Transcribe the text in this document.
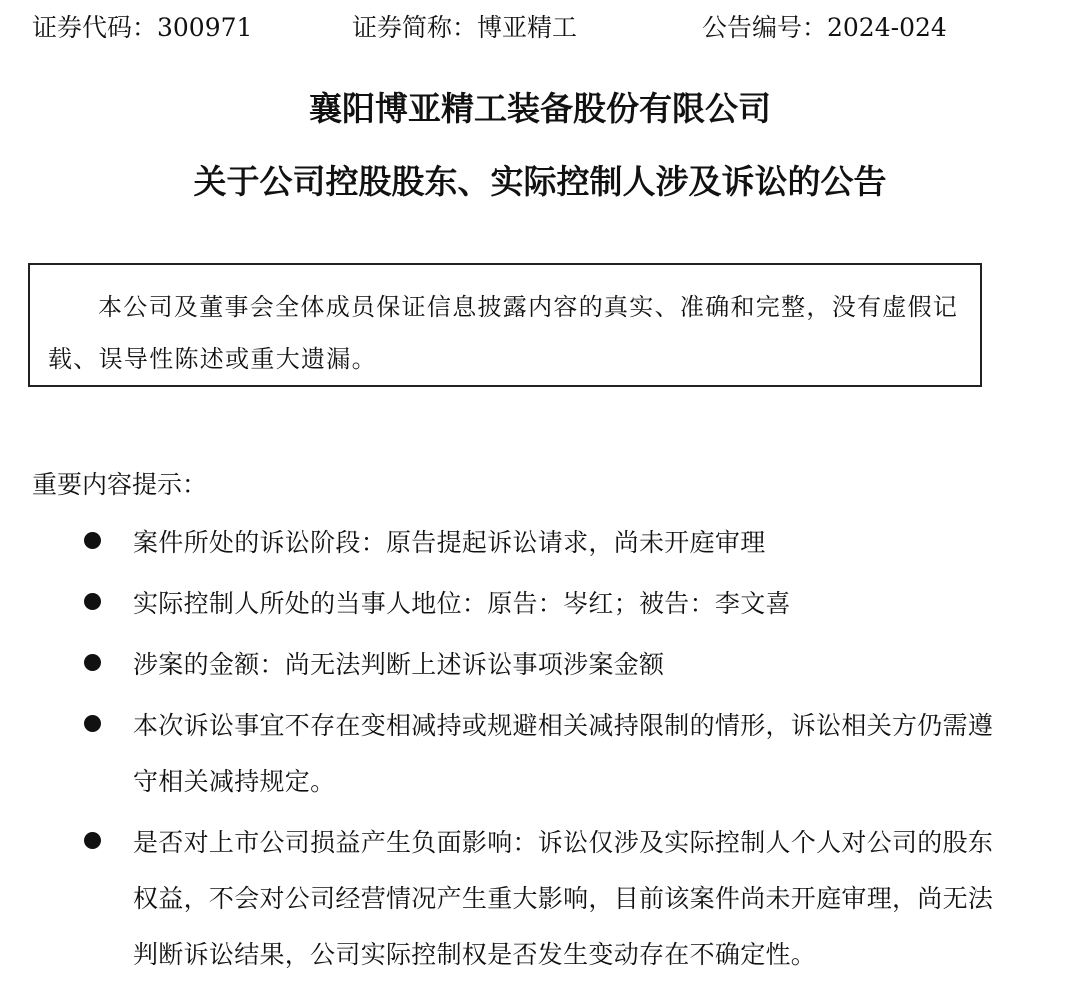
证券代码：300971	证券简称：博亚精工	公告编号：2024-024
襄阳博亚精工装备股份有限公司
关于公司控股股东、实际控制人涉及诉讼的公告
本公司及董事会全体成员保证信息披露内容的真实、准确和完整，没有虚假记载、误导性陈述或重大遗漏。
重要内容提示：
案件所处的诉讼阶段：原告提起诉讼请求，尚未开庭审理
实际控制人所处的当事人地位：原告：岑红；被告：李文喜
涉案的金额：尚无法判断上述诉讼事项涉案金额
本次诉讼事宜不存在变相减持或规避相关减持限制的情形，诉讼相关方仍需遵守相关减持规定。
是否对上市公司损益产生负面影响：诉讼仅涉及实际控制人个人对公司的股东权益，不会对公司经营情况产生重大影响，目前该案件尚未开庭审理，尚无法判断诉讼结果，公司实际控制权是否发生变动存在不确定性。
